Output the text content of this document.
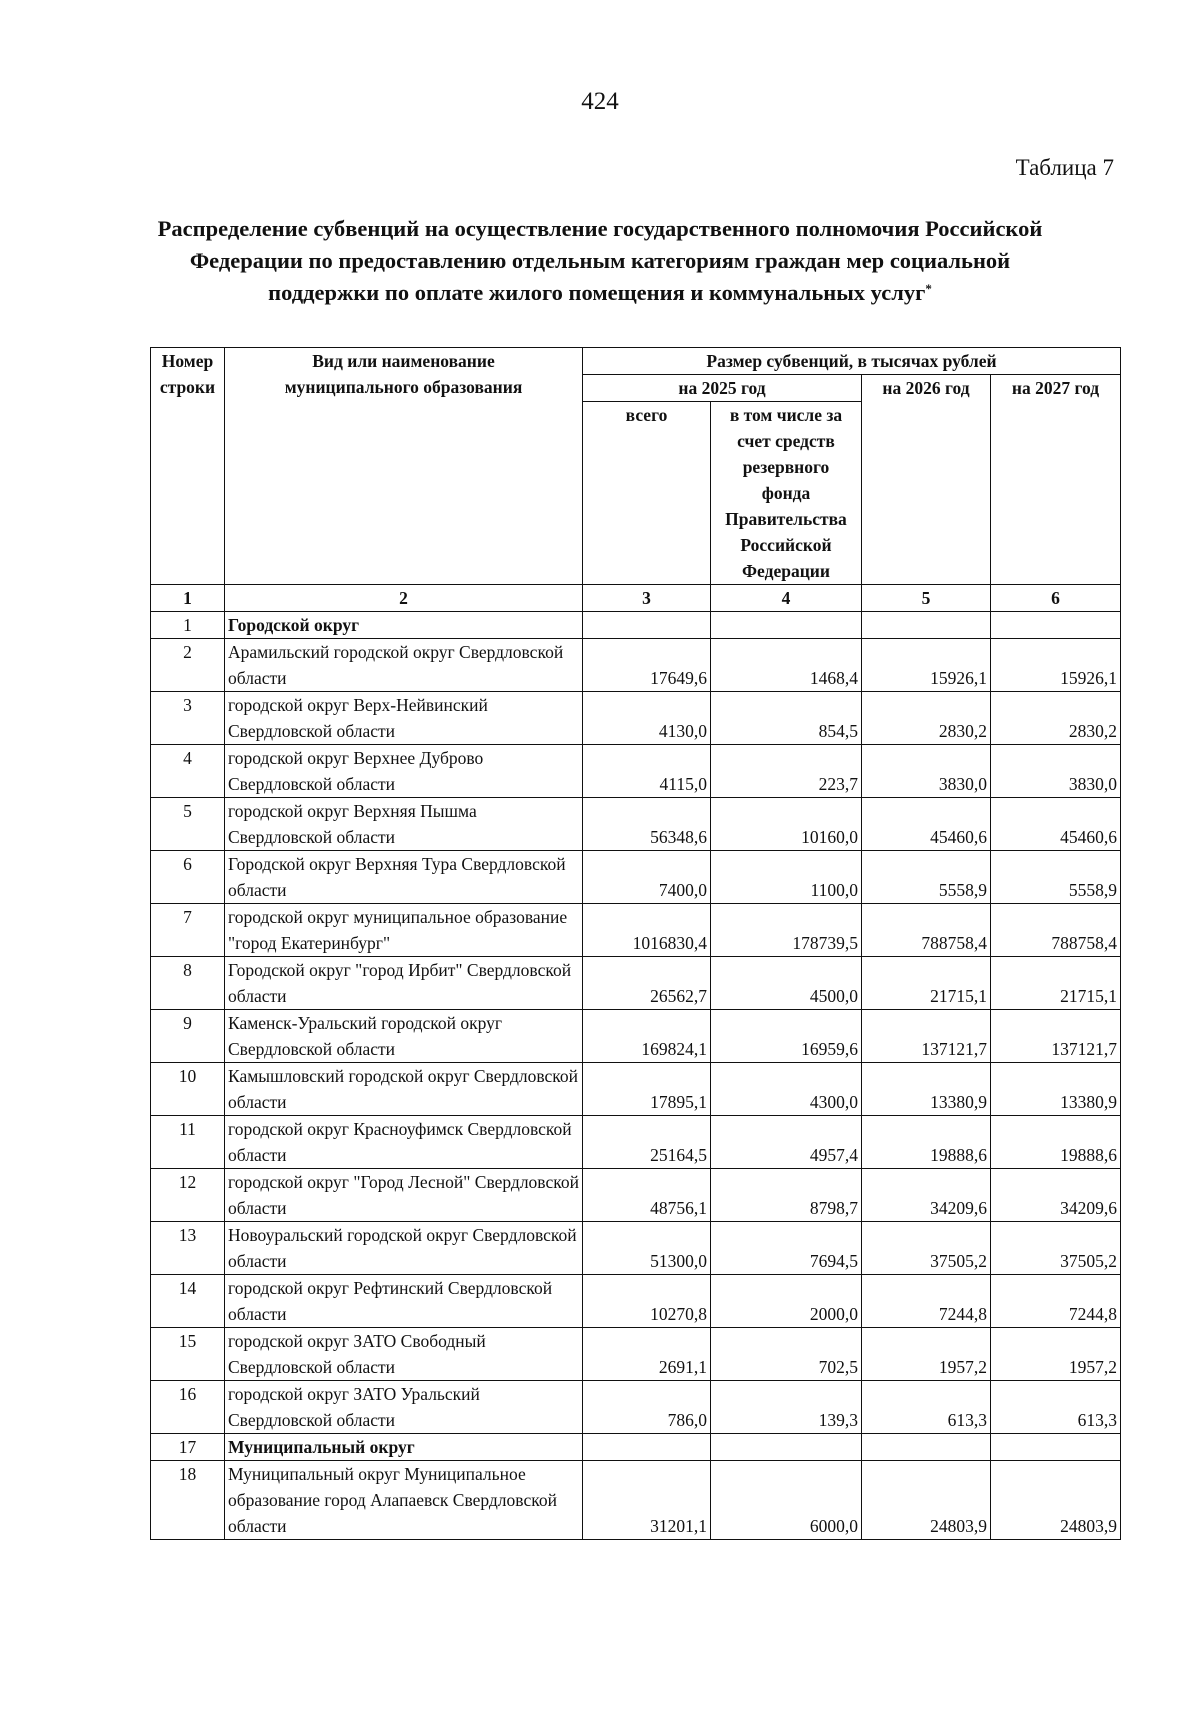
424
Таблица 7
Распределение субвенций на осуществление государственного полномочия Российской
Федерации по предоставлению отдельным категориям граждан мер социальной
поддержки по оплате жилого помещения и коммунальных услуг*
Номер строки	Вид или наименование муниципального образования	Размер субвенций, в тысячах рублей			
		на 2025 год		на 2026 год	на 2027 год
		всего	в том числе за счет средств резервного фонда Правительства Российской Федерации		
1	2	3	4	5	6
1	Городской округ				
2	Арамильский городской округ Свердловской области	17649,6	1468,4	15926,1	15926,1
3	городской округ Верх-Нейвинский Свердловской области	4130,0	854,5	2830,2	2830,2
4	городской округ Верхнее Дуброво Свердловской области	4115,0	223,7	3830,0	3830,0
5	городской округ Верхняя Пышма Свердловской области	56348,6	10160,0	45460,6	45460,6
6	Городской округ Верхняя Тура Свердловской области	7400,0	1100,0	5558,9	5558,9
7	городской округ муниципальное образование "город Екатеринбург"	1016830,4	178739,5	788758,4	788758,4
8	Городской округ "город Ирбит" Свердловской области	26562,7	4500,0	21715,1	21715,1
9	Каменск-Уральский городской округ Свердловской области	169824,1	16959,6	137121,7	137121,7
10	Камышловский городской округ Свердловской области	17895,1	4300,0	13380,9	13380,9
11	городской округ Красноуфимск Свердловской области	25164,5	4957,4	19888,6	19888,6
12	городской округ "Город Лесной" Свердловской области	48756,1	8798,7	34209,6	34209,6
13	Новоуральский городской округ Свердловской области	51300,0	7694,5	37505,2	37505,2
14	городской округ Рефтинский Свердловской области	10270,8	2000,0	7244,8	7244,8
15	городской округ ЗАТО Свободный Свердловской области	2691,1	702,5	1957,2	1957,2
16	городской округ ЗАТО Уральский Свердловской области	786,0	139,3	613,3	613,3
17	Муниципальный округ				
18	Муниципальный округ Муниципальное образование город Алапаевск Свердловской области	31201,1	6000,0	24803,9	24803,9
